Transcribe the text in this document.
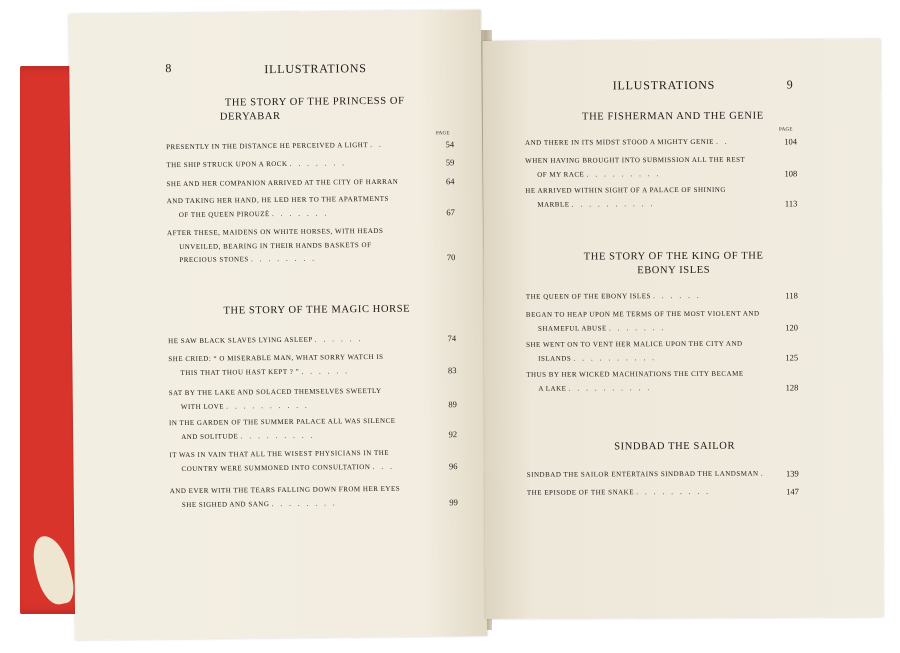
8	ILLUSTRATIONS
THE STORY OF THE PRINCESS OF
DERYABAR
PAGE
PRESENTLY IN THE DISTANCE HE PERCEIVED A LIGHT ..	54
THE SHIP STRUCK UPON A ROCK .......	59
SHE AND HER COMPANION ARRIVED AT THE CITY OF HARRAN	64
AND TAKING HER HAND, HE LED HER TO THE APARTMENTS
OF THE QUEEN PIROUZÈ .......	67
AFTER THESE, MAIDENS ON WHITE HORSES, WITH HEADS
UNVEILED, BEARING IN THEIR HANDS BASKETS OF
PRECIOUS STONES ........	70
THE STORY OF THE MAGIC HORSE
HE SAW BLACK SLAVES LYING ASLEEP ......	74
SHE CRIED: “ O MISERABLE MAN, WHAT SORRY WATCH IS
THIS THAT THOU HAST KEPT ? ” ......	83
SAT BY THE LAKE AND SOLACED THEMSELVES SWEETLY
WITH LOVE ..........	89
IN THE GARDEN OF THE SUMMER PALACE ALL WAS SILENCE
AND SOLITUDE .........	92
IT WAS IN VAIN THAT ALL THE WISEST PHYSICIANS IN THE
COUNTRY WERE SUMMONED INTO CONSULTATION ...	96
AND EVER WITH THE TEARS FALLING DOWN FROM HER EYES
SHE SIGHED AND SANG ........	99
ILLUSTRATIONS	9
THE FISHERMAN AND THE GENIE
PAGE
AND THERE IN ITS MIDST STOOD A MIGHTY GENIE ..	104
WHEN HAVING BROUGHT INTO SUBMISSION ALL THE REST
OF MY RACE .........	108
HE ARRIVED WITHIN SIGHT OF A PALACE OF SHINING
MARBLE ..........	113
THE STORY OF THE KING OF THE
EBONY ISLES
THE QUEEN OF THE EBONY ISLES ......	118
BEGAN TO HEAP UPON ME TERMS OF THE MOST VIOLENT AND
SHAMEFUL ABUSE .......	120
SHE WENT ON TO VENT HER MALICE UPON THE CITY AND
ISLANDS ..........	125
THUS BY HER WICKED MACHINATIONS THE CITY BECAME
A LAKE ..........	128
SINDBAD THE SAILOR
SINDBAD THE SAILOR ENTERTAINS SINDBAD THE LANDSMAN .	139
THE EPISODE OF THE SNAKE .........	147
